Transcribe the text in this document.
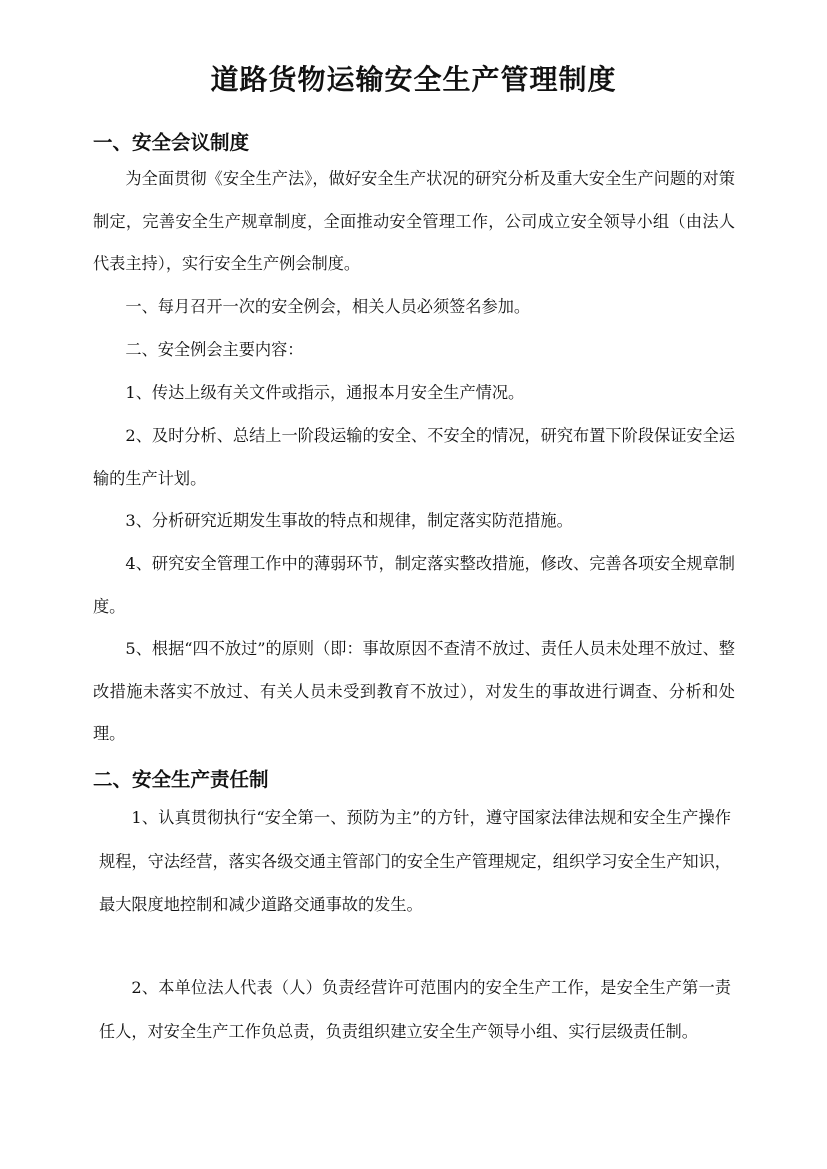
道路货物运输安全生产管理制度
一、安全会议制度

为全面贯彻《安全生产法》，做好安全生产状况的研究分析及重大安全生产问题的对策制定，完善安全生产规章制度，全面推动安全管理工作，公司成立安全领导小组（由法人代表主持），实行安全生产例会制度。

一、每月召开一次的安全例会，相关人员必须签名参加。

二、安全例会主要内容：

1、传达上级有关文件或指示，通报本月安全生产情况。

2、及时分析、总结上一阶段运输的安全、不安全的情况，研究布置下阶段保证安全运输的生产计划。

3、分析研究近期发生事故的特点和规律，制定落实防范措施。

4、研究安全管理工作中的薄弱环节，制定落实整改措施，修改、完善各项安全规章制度。

5、根据“四不放过”的原则（即：事故原因不查清不放过、责任人员未处理不放过、整改措施未落实不放过、有关人员未受到教育不放过），对发生的事故进行调查、分析和处理。

二、安全生产责任制

1、认真贯彻执行“安全第一、预防为主”的方针，遵守国家法律法规和安全生产操作规程，守法经营，落实各级交通主管部门的安全生产管理规定，组织学习安全生产知识，最大限度地控制和减少道路交通事故的发生。

2、本单位法人代表（人）负责经营许可范围内的安全生产工作，是安全生产第一责任人，对安全生产工作负总责，负责组织建立安全生产领导小组、实行层级责任制。
